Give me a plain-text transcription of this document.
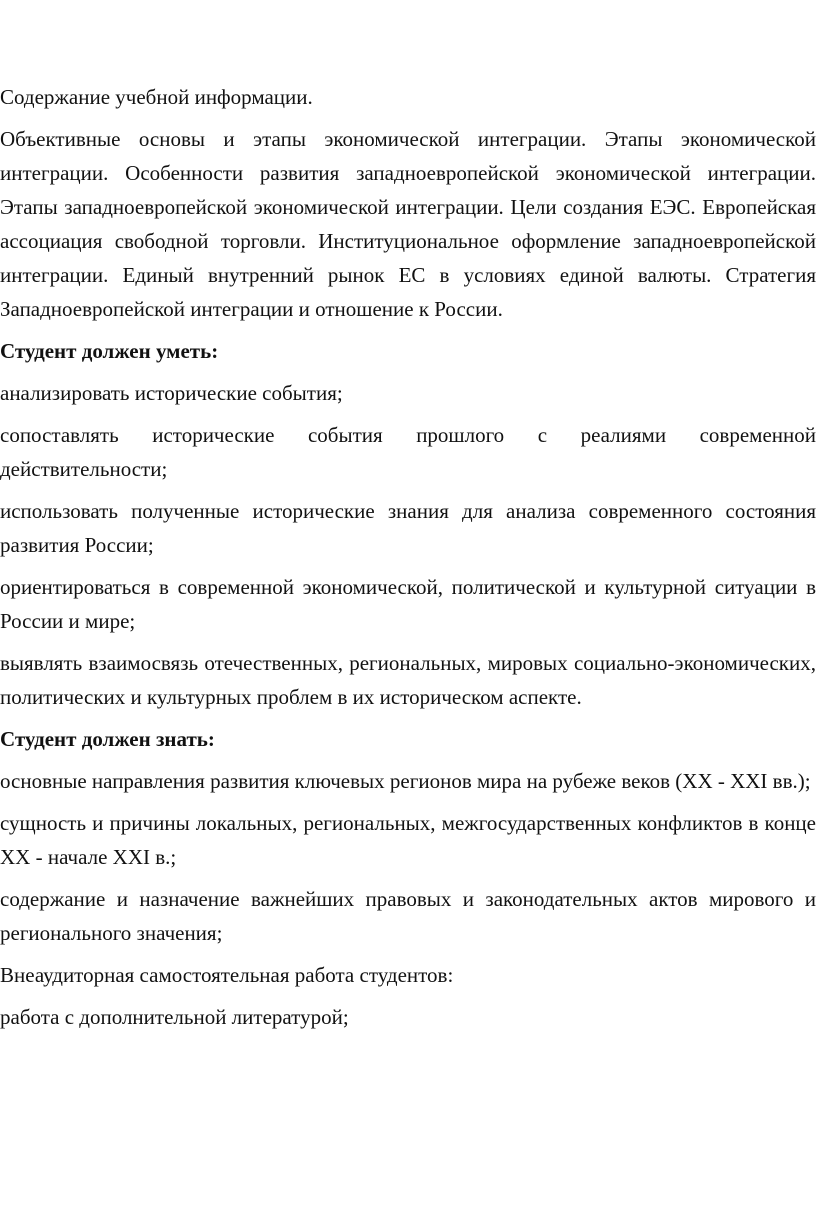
Содержание учебной информации.

Объективные основы и этапы экономической интеграции. Этапы экономической интеграции. Особенности развития западноевропейской экономической интеграции. Этапы западноевропейской экономической интеграции. Цели создания ЕЭС. Европейская ассоциация свободной торговли. Институциональное оформление западноевропейской интеграции. Единый внутренний рынок ЕС в условиях единой валюты. Стратегия Западноевропейской интеграции и отношение к России.

Студент должен уметь:

анализировать исторические события;

сопоставлять исторические события прошлого с реалиями современной действительности;

использовать полученные исторические знания для анализа современного состояния развития России;

ориентироваться в современной экономической, политической и культурной ситуации в России и мире;

выявлять взаимосвязь отечественных, региональных, мировых социально-экономических, политических и культурных проблем в их историческом аспекте.

Студент должен знать:

основные направления развития ключевых регионов мира на рубеже веков (XX - XXI вв.);

сущность и причины локальных, региональных, межгосударственных конфликтов в конце XX - начале XXI в.;

содержание и назначение важнейших правовых и законодательных актов мирового и регионального значения;

Внеаудиторная самостоятельная работа студентов:

работа с дополнительной литературой;
